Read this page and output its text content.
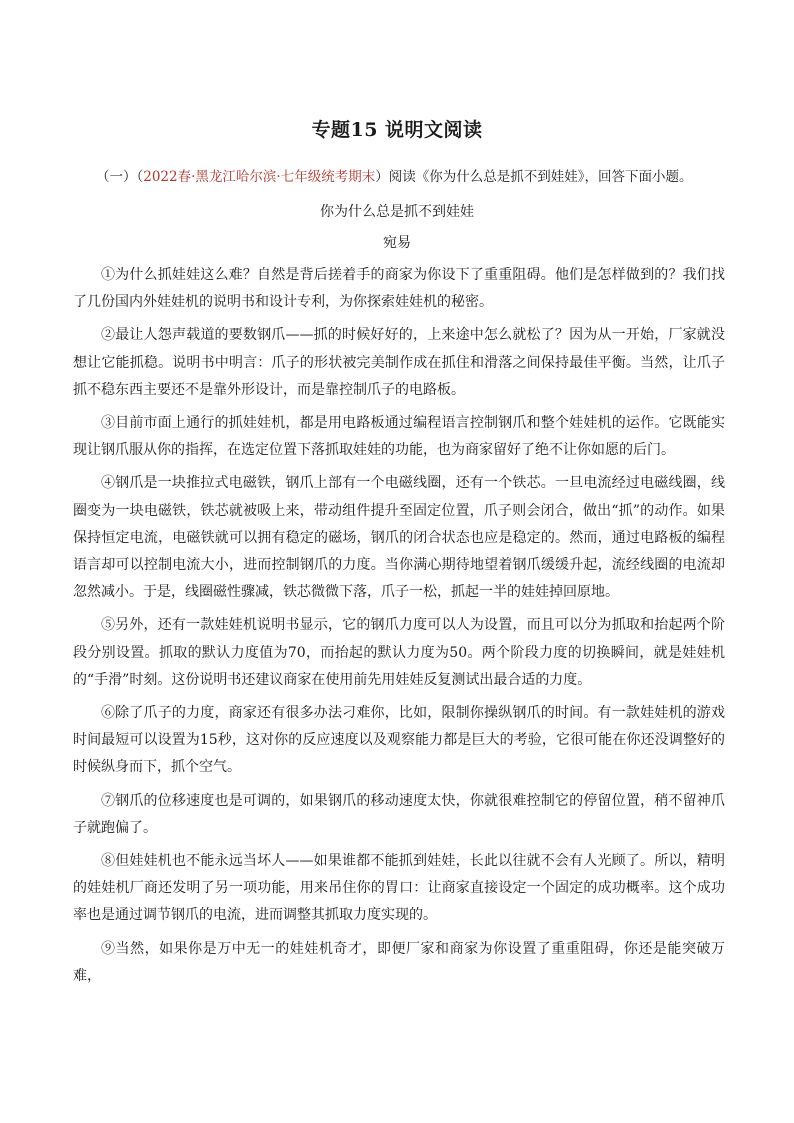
专题15 说明文阅读
（一）（2022春·黑龙江哈尔滨·七年级统考期末）阅读《你为什么总是抓不到娃娃》，回答下面小题。
你为什么总是抓不到娃娃
宛易

①为什么抓娃娃这么难？自然是背后搓着手的商家为你设下了重重阻碍。他们是怎样做到的？我们找了几份国内外娃娃机的说明书和设计专利，为你探索娃娃机的秘密。

②最让人怨声载道的要数钢爪——抓的时候好好的，上来途中怎么就松了？因为从一开始，厂家就没想让它能抓稳。说明书中明言：爪子的形状被完美制作成在抓住和滑落之间保持最佳平衡。当然，让爪子抓不稳东西主要还不是靠外形设计，而是靠控制爪子的电路板。

③目前市面上通行的抓娃娃机，都是用电路板通过编程语言控制钢爪和整个娃娃机的运作。它既能实现让钢爪服从你的指挥，在选定位置下落抓取娃娃的功能，也为商家留好了绝不让你如愿的后门。

④钢爪是一块推拉式电磁铁，钢爪上部有一个电磁线圈，还有一个铁芯。一旦电流经过电磁线圈，线圈变为一块电磁铁，铁芯就被吸上来，带动组件提升至固定位置，爪子则会闭合，做出“抓”的动作。如果保持恒定电流，电磁铁就可以拥有稳定的磁场，钢爪的闭合状态也应是稳定的。然而，通过电路板的编程语言却可以控制电流大小，进而控制钢爪的力度。当你满心期待地望着钢爪缓缓升起，流经线圈的电流却忽然减小。于是，线圈磁性骤减，铁芯微微下落，爪子一松，抓起一半的娃娃掉回原地。

⑤另外，还有一款娃娃机说明书显示，它的钢爪力度可以人为设置，而且可以分为抓取和抬起两个阶段分别设置。抓取的默认力度值为70，而抬起的默认力度为50。两个阶段力度的切换瞬间，就是娃娃机的“手滑”时刻。这份说明书还建议商家在使用前先用娃娃反复测试出最合适的力度。

⑥除了爪子的力度，商家还有很多办法刁难你，比如，限制你操纵钢爪的时间。有一款娃娃机的游戏时间最短可以设置为15秒，这对你的反应速度以及观察能力都是巨大的考验，它很可能在你还没调整好的时候纵身而下，抓个空气。

⑦钢爪的位移速度也是可调的，如果钢爪的移动速度太快，你就很难控制它的停留位置，稍不留神爪子就跑偏了。

⑧但娃娃机也不能永远当坏人——如果谁都不能抓到娃娃，长此以往就不会有人光顾了。所以，精明的娃娃机厂商还发明了另一项功能，用来吊住你的胃口：让商家直接设定一个固定的成功概率。这个成功率也是通过调节钢爪的电流，进而调整其抓取力度实现的。

⑨当然，如果你是万中无一的娃娃机奇才，即便厂家和商家为你设置了重重阻碍，你还是能突破万难，
